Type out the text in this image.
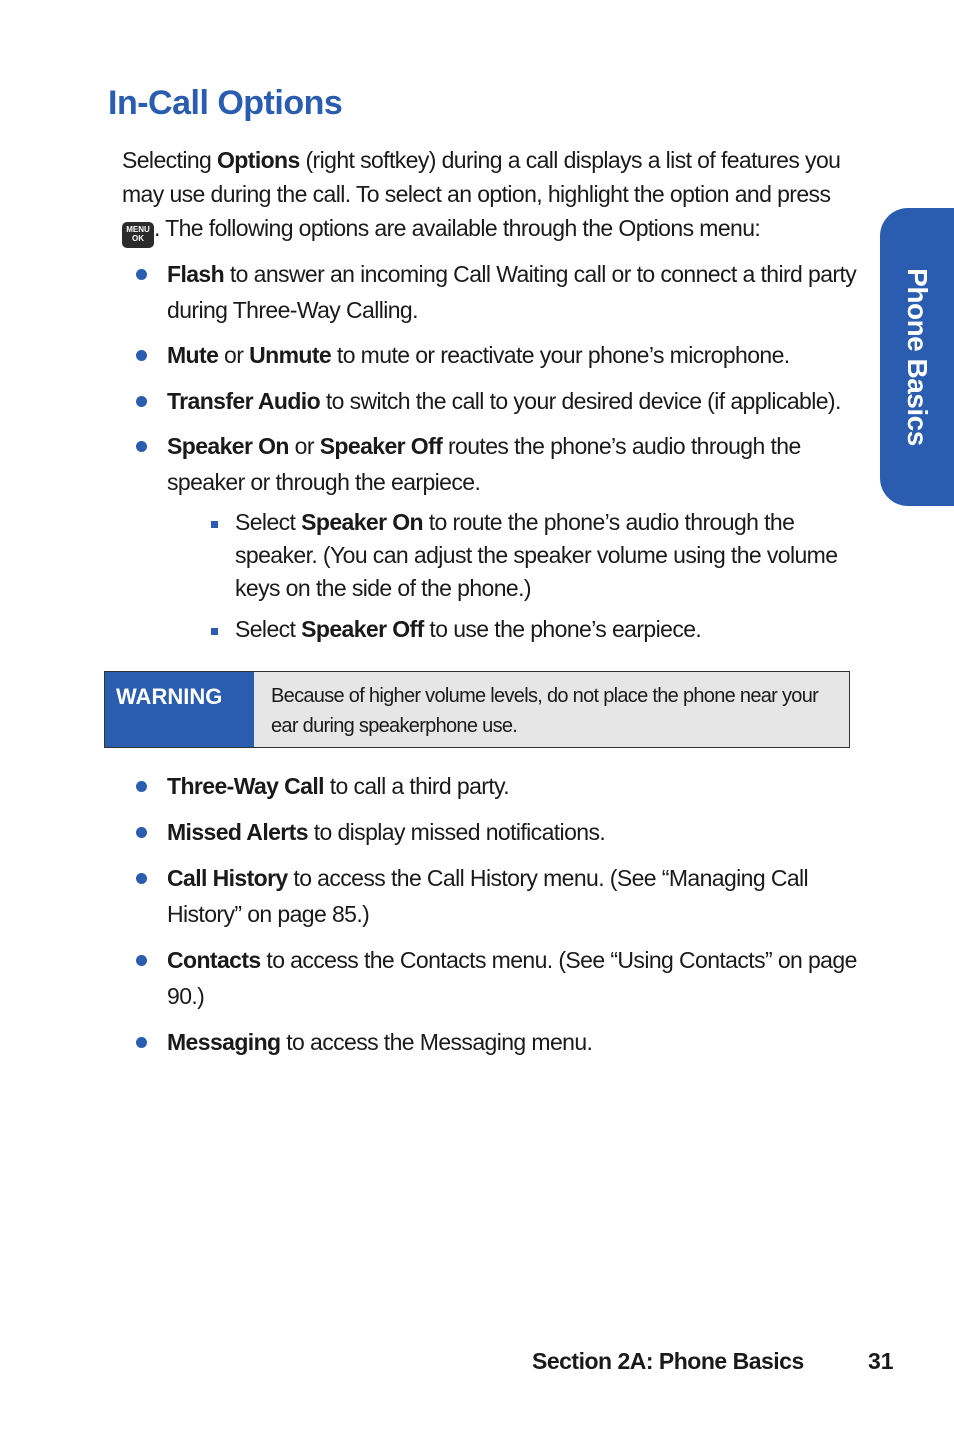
In-Call Options

Selecting Options (right softkey) during a call displays a list of features you may use during the call. To select an option, highlight the option and press MENU
OK . The following options are available through the Options menu:

Flash to answer an incoming Call Waiting call or to connect a third party during Three-Way Calling.
Mute or Unmute to mute or reactivate your phone’s microphone.
Transfer Audio to switch the call to your desired device (if applicable).
Speaker On or Speaker Off routes the phone’s audio through the speaker or through the earpiece.
Select Speaker On to route the phone’s audio through the speaker. (You can adjust the speaker volume using the volume keys on the side of the phone.)
Select Speaker Off to use the phone’s earpiece.
WARNING	Because of higher volume levels, do not place the phone near your ear during speakerphone use.
Three-Way Call to call a third party.
Missed Alerts to display missed notifications.
Call History to access the Call History menu. (See “Managing Call History” on page 85.)
Contacts to access the Contacts menu. (See “Using Contacts” on page 90.)
Messaging to access the Messaging menu.
Phone Basics
Section 2A: Phone Basics	31
